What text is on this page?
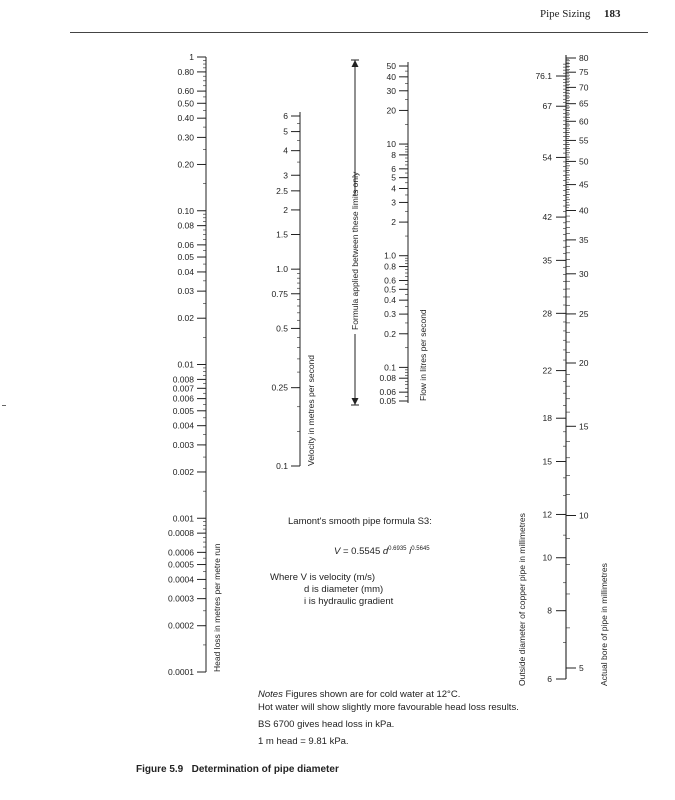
Pipe Sizing 183
1
0.80
0.60
0.50
0.40
0.30
0.20
0.10
0.08
0.06
0.05
0.04
0.03
0.02
0.01
0.008
0.007
0.006
0.005
0.004
0.003
0.002
0.001
0.0008
0.0006
0.0005
0.0004
0.0003
0.0002
0.0001 Head loss in metres per metre run
6
5
4
3
2.5
2
1.5
1.0
0.75
0.5
0.25
0.1 Velocity in metres per second
50
40
30
20
10
8
6
5
4
3
2
1.0
0.8
0.6
0.5
0.4
0.3
0.2
0.1
0.08
0.06
0.05	Flow in litres per second
76.1
67
54
42
35
28
22
18
15
12
10
8
6
Outside diameter of copper pipe in millimetres
80
75
70
65
60
55
50
45
40
35
30
25
20
15
10
5 Actual bore of pipe in millimetres
Formula applied between these limits only
Lamont's smooth pipe formula S3:
V = 0.5545 $d^{0.6935}$ $i^{0.5645}$
Where V is velocity (m/s)
d is diameter (mm)
i is hydraulic gradient
Notes Figures shown are for cold water at 12°C.
Hot water will show slightly more favourable head loss results.
BS 6700 gives head loss in kPa.
1 m head = 9.81 kPa.
Figure 5.9 Determination of pipe diameter
